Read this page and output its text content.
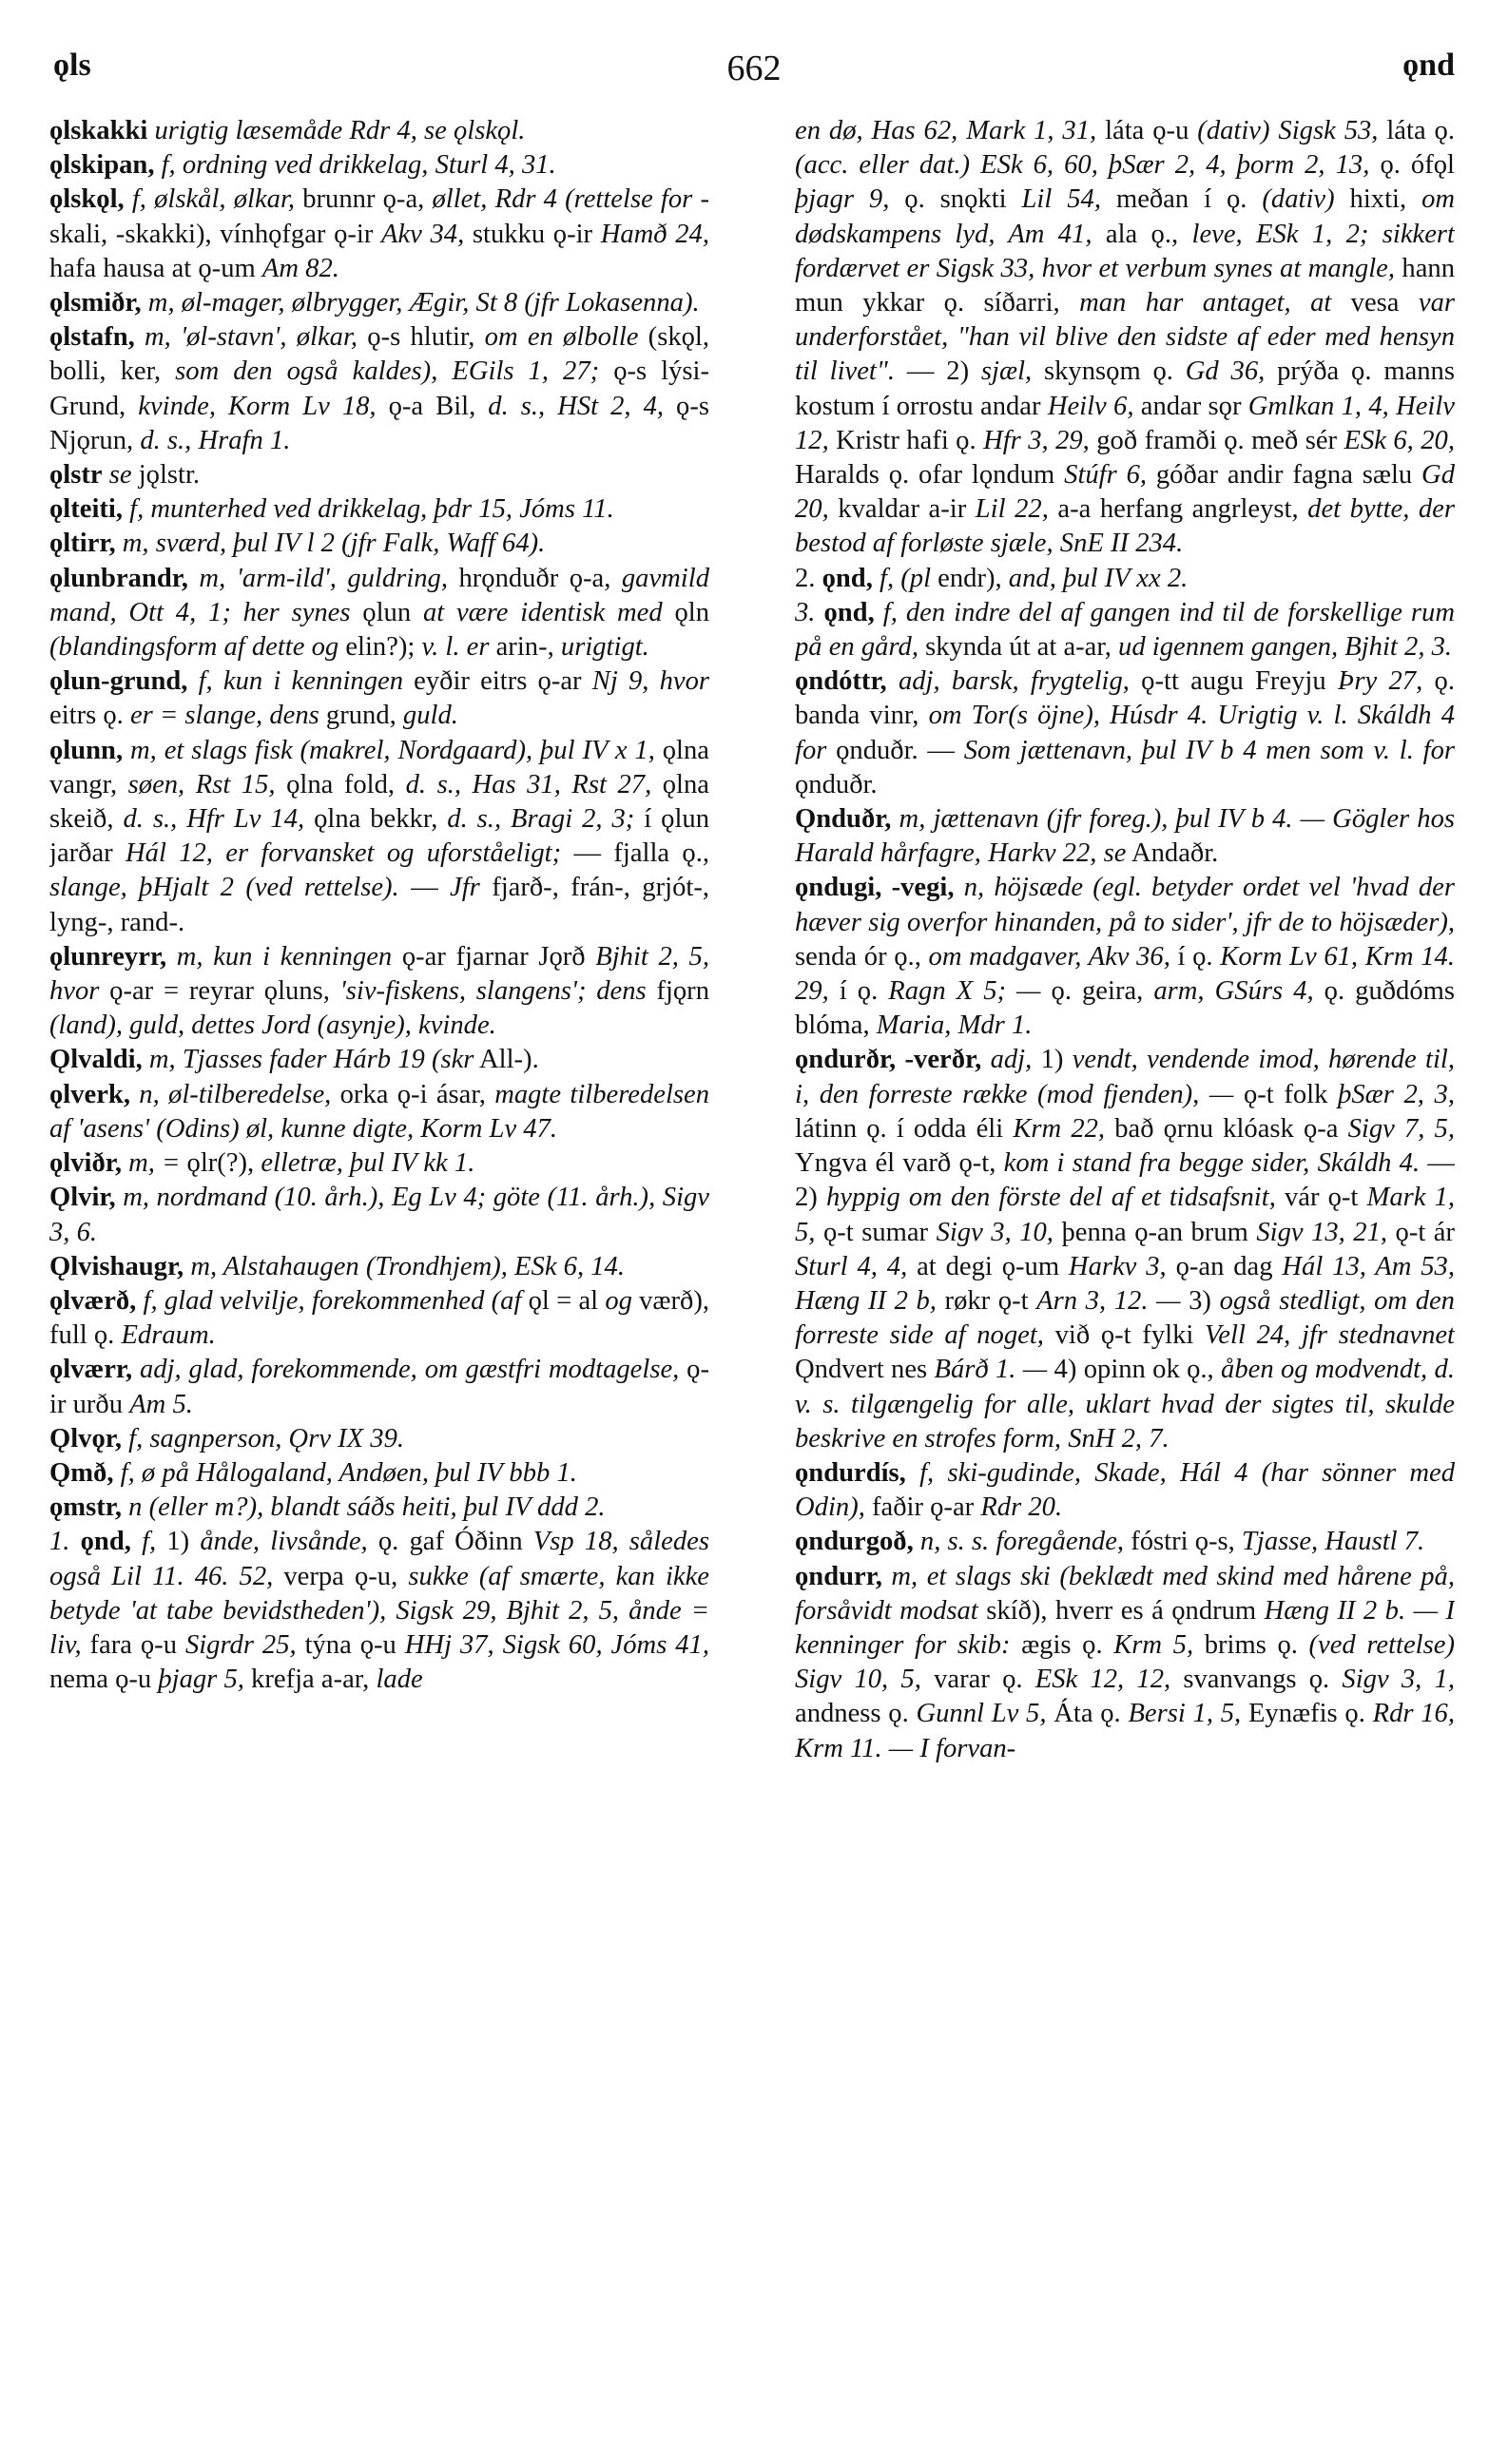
ǫls	662	ǫnd

ǫlskakki urigtig læsemåde Rdr 4, se ǫlskǫl.

ǫlskipan, f, ordning ved drikkelag, Sturl 4, 31.

ǫlskǫl, f, ølskål, ølkar, brunnr ǫ-a, øllet, Rdr 4 (rettelse for -skali, -skakki), vínhǫfgar ǫ-ir Akv 34, stukku ǫ-ir Hamð 24, hafa hausa at ǫ-um Am 82.

ǫlsmiðr, m, øl-mager, ølbrygger, Ægir, St 8 (jfr Lokasenna).

ǫlstafn, m, 'øl-stavn', ølkar, ǫ-s hlutir, om en ølbolle (skǫl, bolli, ker, som den også kaldes), EGils 1, 27; ǫ-s lýsi-Grund, kvinde, Korm Lv 18, ǫ-a Bil, d. s., HSt 2, 4, ǫ-s Njǫrun, d. s., Hrafn 1.

ǫlstr se jǫlstr.

ǫlteiti, f, munterhed ved drikkelag, þdr 15, Jóms 11.

ǫltirr, m, sværd, þul IV l 2 (jfr Falk, Waff 64).

ǫlunbrandr, m, 'arm-ild', guldring, hrǫnduðr ǫ-a, gavmild mand, Ott 4, 1; her synes ǫlun at være identisk med ǫln (blandingsform af dette og elin?); v. l. er arin-, urigtigt.

ǫlun-grund, f, kun i kenningen eyðir eitrs ǫ-ar Nj 9, hvor eitrs ǫ. er = slange, dens grund, guld.

ǫlunn, m, et slags fisk (makrel, Nordgaard), þul IV x 1, ǫlna vangr, søen, Rst 15, ǫlna fold, d. s., Has 31, Rst 27, ǫlna skeið, d. s., Hfr Lv 14, ǫlna bekkr, d. s., Bragi 2, 3; í ǫlun jarðar Hál 12, er forvansket og uforståeligt; — fjalla ǫ., slange, þHjalt 2 (ved rettelse). — Jfr fjarð-, frán-, grjót-, lyng-, rand-.

ǫlunreyrr, m, kun i kenningen ǫ-ar fjarnar Jǫrð Bjhit 2, 5, hvor ǫ-ar = reyrar ǫluns, 'siv-fiskens, slangens'; dens fjǫrn (land), guld, dettes Jord (asynje), kvinde.

Ǫlvaldi, m, Tjasses fader Hárb 19 (skr All-).

ǫlverk, n, øl-tilberedelse, orka ǫ-i ásar, magte tilberedelsen af 'asens' (Odins) øl, kunne digte, Korm Lv 47.

ǫlviðr, m, = ǫlr(?), elletræ, þul IV kk 1.

Ǫlvir, m, nordmand (10. årh.), Eg Lv 4; göte (11. årh.), Sigv 3, 6.

Ǫlvishaugr, m, Alstahaugen (Trondhjem), ESk 6, 14.

ǫlværð, f, glad velvilje, forekommenhed (af ǫl = al og værð), full ǫ. Edraum.

ǫlværr, adj, glad, forekommende, om gæstfri modtagelse, ǫ-ir urðu Am 5.

Ǫlvǫr, f, sagnperson, Ǫrv IX 39.

Ǫmð, f, ø på Hålogaland, Andøen, þul IV bbb 1.

ǫmstr, n (eller m?), blandt sáðs heiti, þul IV ddd 2.

1. ǫnd, f, 1) ånde, livsånde, ǫ. gaf Óðinn Vsp 18, således også Lil 11. 46. 52, verpa ǫ-u, sukke (af smærte, kan ikke betyde 'at tabe bevidstheden'), Sigsk 29, Bjhit 2, 5, ånde = liv, fara ǫ-u Sigrdr 25, týna ǫ-u HHj 37, Sigsk 60, Jóms 41, nema ǫ-u þjagr 5, krefja a-ar, lade

en dø, Has 62, Mark 1, 31, láta ǫ-u (dativ) Sigsk 53, láta ǫ. (acc. eller dat.) ESk 6, 60, þSær 2, 4, þorm 2, 13, ǫ. ófǫl þjagr 9, ǫ. snǫkti Lil 54, meðan í ǫ. (dativ) hixti, om dødskampens lyd, Am 41, ala ǫ., leve, ESk 1, 2; sikkert fordærvet er Sigsk 33, hvor et verbum synes at mangle, hann mun ykkar ǫ. síðarri, man har antaget, at vesa var underforstået, "han vil blive den sidste af eder med hensyn til livet". — 2) sjæl, skynsǫm ǫ. Gd 36, prýða ǫ. manns kostum í orrostu andar Heilv 6, andar sǫr Gmlkan 1, 4, Heilv 12, Kristr hafi ǫ. Hfr 3, 29, goð framði ǫ. með sér ESk 6, 20, Haralds ǫ. ofar lǫndum Stúfr 6, góðar andir fagna sælu Gd 20, kvaldar a-ir Lil 22, a-a herfang angrleyst, det bytte, der bestod af forløste sjæle, SnE II 234.

2. ǫnd, f, (pl endr), and, þul IV xx 2.

3. ǫnd, f, den indre del af gangen ind til de forskellige rum på en gård, skynda út at a-ar, ud igennem gangen, Bjhit 2, 3.

ǫndóttr, adj, barsk, frygtelig, ǫ-tt augu Freyju Þry 27, ǫ. banda vinr, om Tor(s öjne), Húsdr 4. Urigtig v. l. Skáldh 4 for ǫnduðr. — Som jættenavn, þul IV b 4 men som v. l. for ǫnduðr.

Ǫnduðr, m, jættenavn (jfr foreg.), þul IV b 4. — Gögler hos Harald hårfagre, Harkv 22, se Andaðr.

ǫndugi, -vegi, n, höjsæde (egl. betyder ordet vel 'hvad der hæver sig overfor hinanden, på to sider', jfr de to höjsæder), senda ór ǫ., om madgaver, Akv 36, í ǫ. Korm Lv 61, Krm 14. 29, í ǫ. Ragn X 5; — ǫ. geira, arm, GSúrs 4, ǫ. guðdóms blóma, Maria, Mdr 1.

ǫndurðr, -verðr, adj, 1) vendt, vendende imod, hørende til, i, den forreste række (mod fjenden), — ǫ-t folk þSær 2, 3, látinn ǫ. í odda éli Krm 22, bað ǫrnu klóask ǫ-a Sigv 7, 5, Yngva él varð ǫ-t, kom i stand fra begge sider, Skáldh 4. — 2) hyppig om den förste del af et tidsafsnit, vár ǫ-t Mark 1, 5, ǫ-t sumar Sigv 3, 10, þenna ǫ-an brum Sigv 13, 21, ǫ-t ár Sturl 4, 4, at degi ǫ-um Harkv 3, ǫ-an dag Hál 13, Am 53, Hæng II 2 b, røkr ǫ-t Arn 3, 12. — 3) også stedligt, om den forreste side af noget, við ǫ-t fylki Vell 24, jfr stednavnet Ǫndvert nes Bárð 1. — 4) opinn ok ǫ., åben og modvendt, d. v. s. tilgængelig for alle, uklart hvad der sigtes til, skulde beskrive en strofes form, SnH 2, 7.

ǫndurdís, f, ski-gudinde, Skade, Hál 4 (har sönner med Odin), faðir ǫ-ar Rdr 20.

ǫndurgoð, n, s. s. foregående, fóstri ǫ-s, Tjasse, Haustl 7.

ǫndurr, m, et slags ski (beklædt med skind med hårene på, forsåvidt modsat skíð), hverr es á ǫndrum Hæng II 2 b. — I kenninger for skib: ægis ǫ. Krm 5, brims ǫ. (ved rettelse) Sigv 10, 5, varar ǫ. ESk 12, 12, svanvangs ǫ. Sigv 3, 1, andness ǫ. Gunnl Lv 5, Áta ǫ. Bersi 1, 5, Eynæfis ǫ. Rdr 16, Krm 11. — I forvan-
